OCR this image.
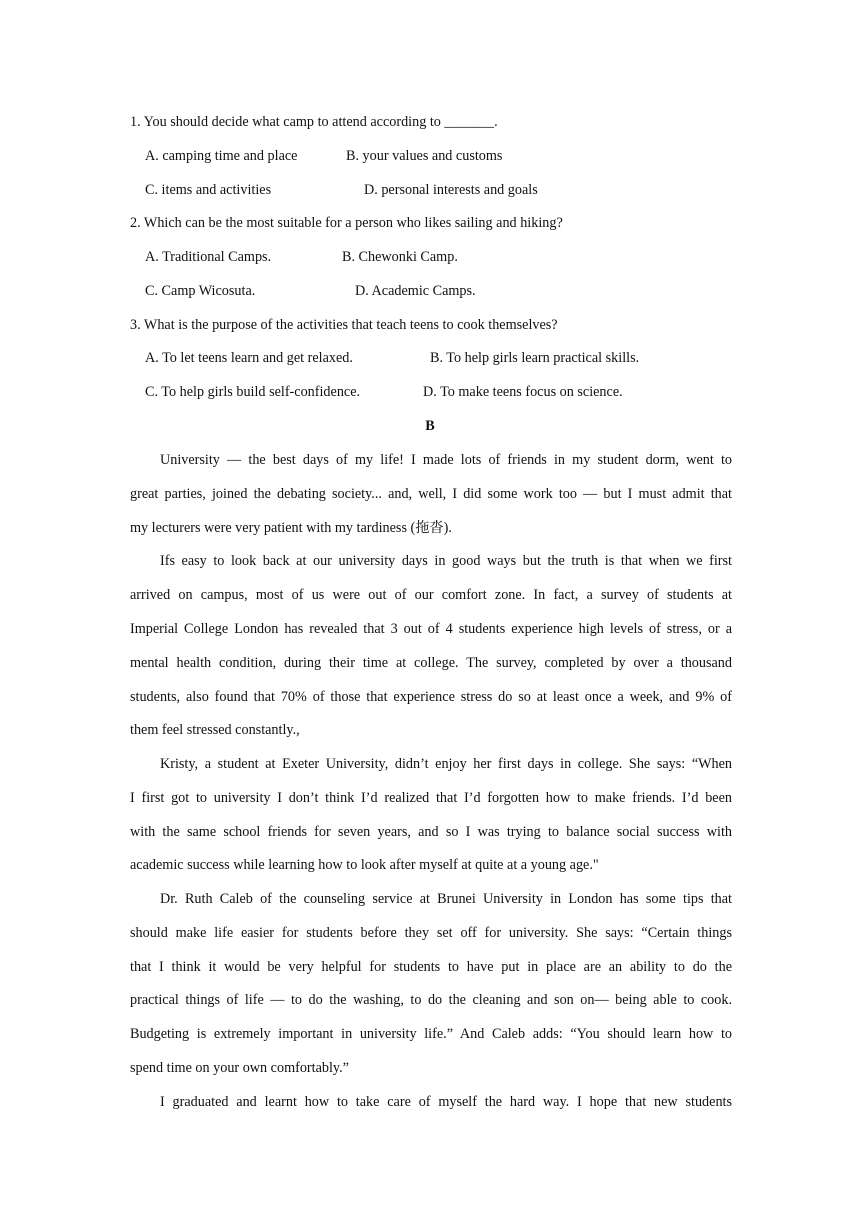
1. You should decide what camp to attend according to _______.
A. camping time and place	B. your values and customs
C. items and activities	D. personal interests and goals
2. Which can be the most suitable for a person who likes sailing and hiking?
A. Traditional Camps.	B. Chewonki Camp.
C. Camp Wicosuta.	D. Academic Camps.
3. What is the purpose of the activities that teach teens to cook themselves?
A. To let teens learn and get relaxed.	B. To help girls learn practical skills.
C. To help girls build self-confidence.	D. To make teens focus on science.
B
University — the best days of my life! I made lots of friends in my student dorm, went to
great parties, joined the debating society... and, well, I did some work too — but I must admit that
my lecturers were very patient with my tardiness (拖沓).
Ifs easy to look back at our university days in good ways but the truth is that when we first
arrived on campus, most of us were out of our comfort zone. In fact, a survey of students at
Imperial College London has revealed that 3 out of 4 students experience high levels of stress, or a
mental health condition, during their time at college. The survey, completed by over a thousand
students, also found that 70% of those that experience stress do so at least once a week, and 9% of
them feel stressed constantly.,
Kristy, a student at Exeter University, didn’t enjoy her first days in college. She says: “When
I first got to university I don’t think I’d realized that I’d forgotten how to make friends. I’d been
with the same school friends for seven years, and so I was trying to balance social success with
academic success while learning how to look after myself at quite at a young age."
Dr. Ruth Caleb of the counseling service at Brunei University in London has some tips that
should make life easier for students before they set off for university. She says: “Certain things
that I think it would be very helpful for students to have put in place are an ability to do the
practical things of life — to do the washing, to do the cleaning and son on— being able to cook.
Budgeting is extremely important in university life.” And Caleb adds: “You should learn how to
spend time on your own comfortably.”
I graduated and learnt how to take care of myself the hard way. I hope that new students
